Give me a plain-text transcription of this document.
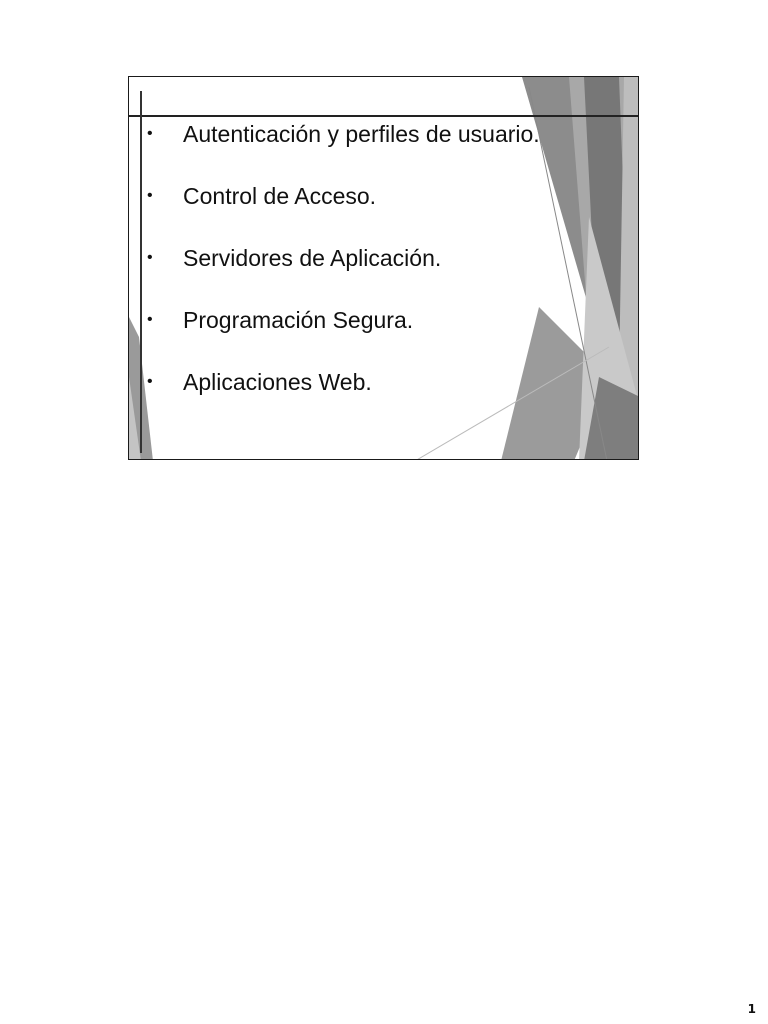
•	Autenticación y perfiles de usuario.
•	Control de Acceso.
•	Servidores de Aplicación.
•	Programación Segura.
•	Aplicaciones Web.
1
